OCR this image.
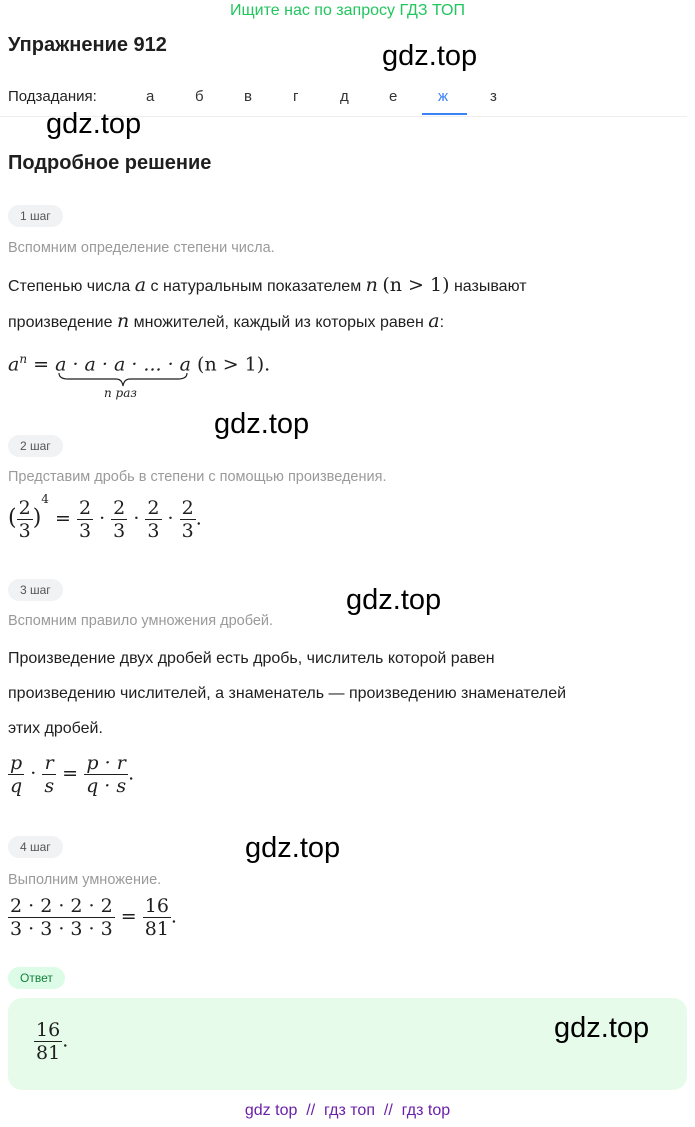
Ищите нас по запросу ГДЗ ТОП
Упражнение 912	gdz.top
Подзадания:	а	б	в	г	д	е	ж	з
gdz.top
Подробное решение
1 шаг
Вспомним определение степени числа.
Степенью числа a с натуральным показателем n (n > 1) называют
произведение n множителей, каждый из которых равен a:
$a^n = a \cdot a \cdot a$ · ... · a (n > 1).
n раз
gdz.top
2 шаг
Представим дробь в степени с помощью произведения.
( $\frac{2}{3} )^4 = \frac{2}{3} \cdot \frac{2}{3} \cdot \frac{2}{3} \cdot \frac{2}{3}$ .
gdz.top
3 шаг
Вспомним правило умножения дробей.
Произведение двух дробей есть дробь, числитель которой равен
произведению числителей, а знаменатель — произведению знаменателей
этих дробей.
$\frac{p}{q} \cdot \frac{r}{s} = \frac{p \cdot r}{q \cdot s}$ .
4 шаг	gdz.top
Выполним умножение.
$\frac{2 \cdot 2 \cdot 2 \cdot 2}{3 \cdot 3 \cdot 3 \cdot 3} = \frac{16}{81}$ .
Ответ
$\frac{16}{81}$ .	gdz.top
gdz top  //  гдз топ  //  гдз top
